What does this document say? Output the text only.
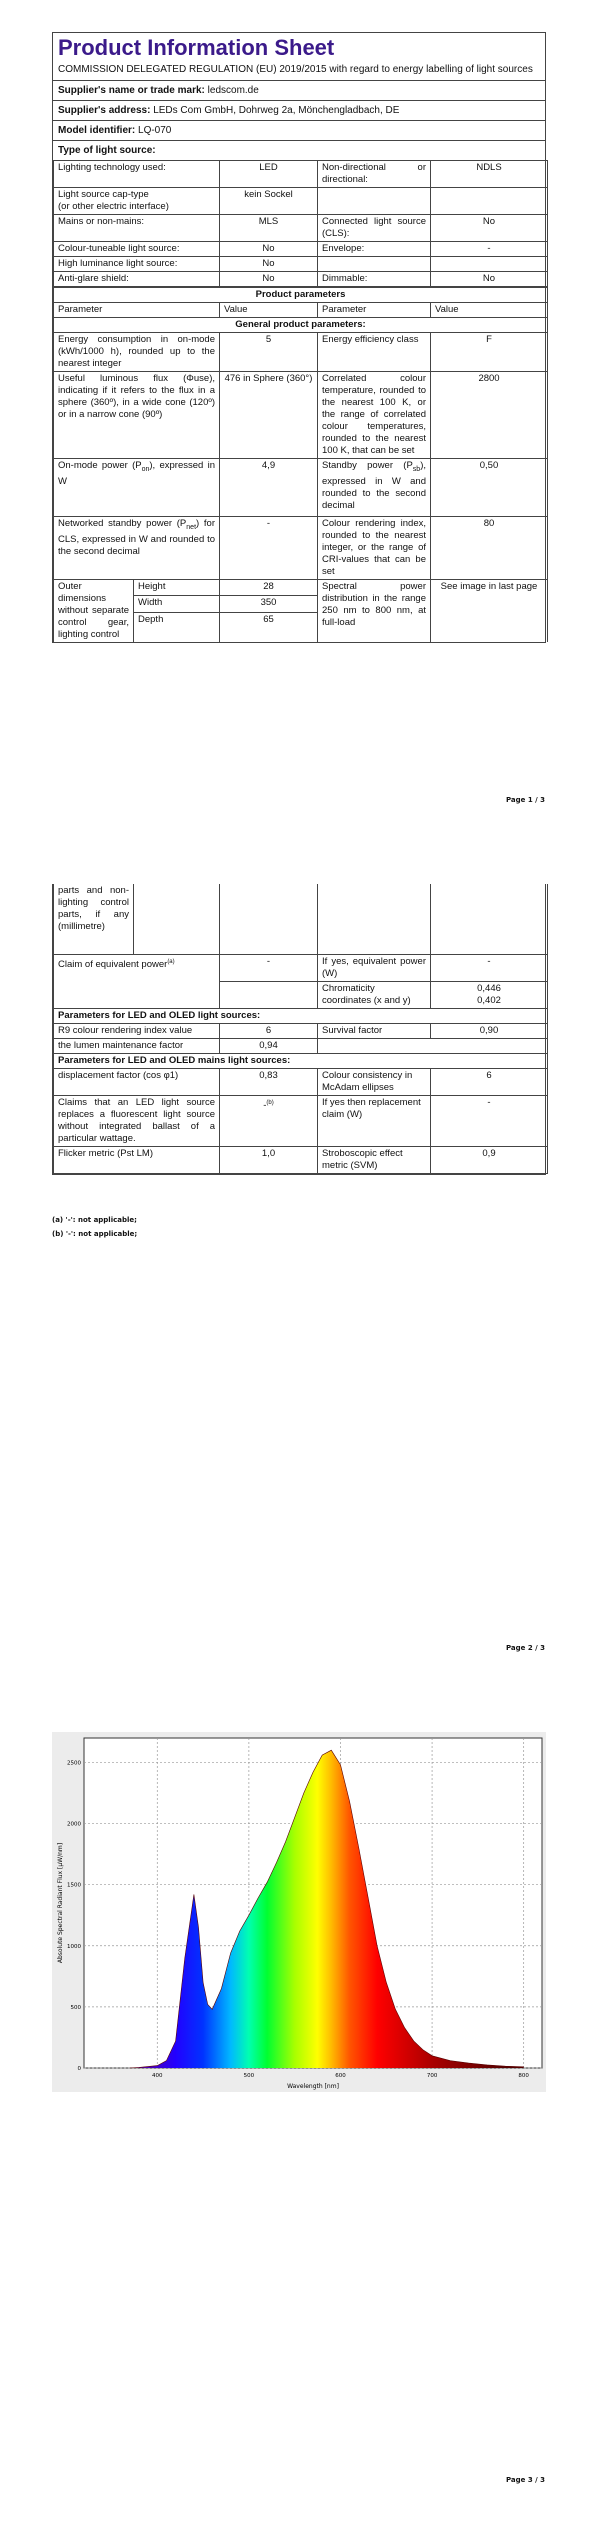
Product Information Sheet
COMMISSION DELEGATED REGULATION (EU) 2019/2015 with regard to energy labelling of light sources
Supplier's name or trade mark: ledscom.de
Supplier's address: LEDs Com GmbH, Dohrweg 2a, Mönchengladbach, DE
Model identifier: LQ-070
Type of light source:
Lighting technology used:	LED	Non-directional or directional:	NDLS
Light source cap-type
(or other electric interface)	kein Sockel		
Mains or non-mains:	MLS	Connected light source (CLS):	No
Colour-tuneable light source:	No	Envelope:	-
High luminance light source:	No		
Anti-glare shield:	No	Dimmable:	No
Product parameters				
Parameter		Value	Parameter	Value
General product parameters:				
Energy consumption in on-mode (kWh/1000 h), rounded up to the nearest integer		5	Energy efficiency class	F
Useful luminous flux (Φuse), indicating if it refers to the flux in a sphere (360º), in a wide cone (120º) or in a narrow cone (90º)		476 in Sphere (360°)	Correlated colour temperature, rounded to the nearest 100 K, or the range of correlated colour temperatures, rounded to the nearest 100 K, that can be set	2800
On-mode power $(P_{on})$, expressed in W		4,9	Standby power $(P_{sb})$, expressed in W and rounded to the second decimal	0,50
Networked standby power $(P_{net})$ for CLS, expressed in W and rounded to the second decimal		-	Colour rendering index, rounded to the nearest integer, or the range of CRI-values that can be set	80
Outer dimensions without separate control gear, lighting control	Height	28	Spectral power distribution in the range 250 nm to 800 nm, at full-load	See image in last page
	Width	350		
	Depth	65		
Page 1 / 3
parts and non-lighting control parts, if any (millimetre)				
Claim of equivalent power$^{(a)}$		-	If yes, equivalent power (W)	-
			Chromaticity coordinates (x and y)	0,446
0,402

Parameters for LED and OLED light sources:				
R9 colour rendering index value		6	Survival factor	0,90
the lumen maintenance factor		0,94		
Parameters for LED and OLED mains light sources:				
displacement factor (cos φ1)		0,83	Colour consistency in McAdam ellipses	6
Claims that an LED light source replaces a fluorescent light source without integrated ballast of a particular wattage.		-$^{(b)}$	If yes then replacement claim (W)	-
Flicker metric (Pst LM)		1,0	Stroboscopic effect metric (SVM)	0,9
(a) '-': not applicable;
(b) '-': not applicable;
Page 2 / 3
400	500	600	700	800
0
500
1000
1500
2000
2500
Wavelength [nm]
Absolute Spectral Radiant Flux [µW/nm]
Page 3 / 3
